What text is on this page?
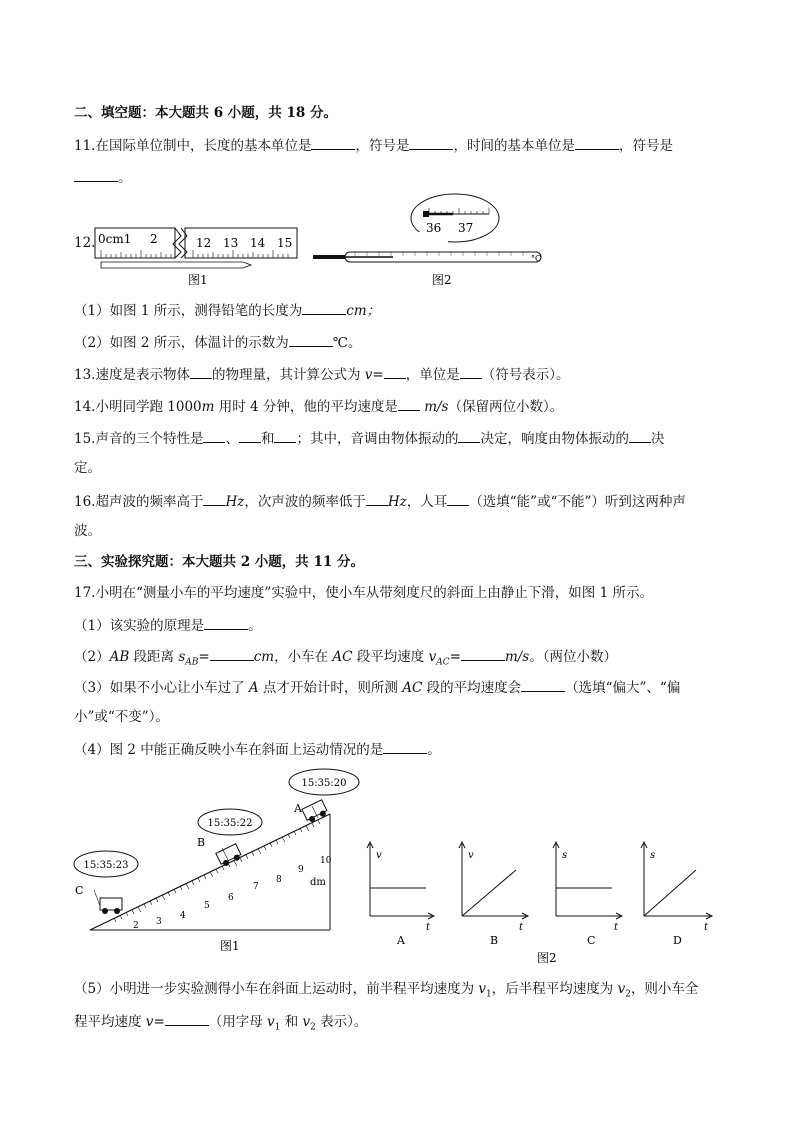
二、填空题：本大题共 6 小题，共 18 分。
11.在国际单位制中，长度的基本单位是	，符号是	，时间的基本单位是	，符号是
。
12. 0cm1 2	12 13 14 15
图1
36 37
°C
图2
（1）如图 1 所示，测得铅笔的长度为	cm；
（2）如图 2 所示，体温计的示数为	℃。
13.速度是表示物体 的物理量，其计算公式为 v= ，单位是 （符号表示）。
14.小明同学跑 1000m 用时 4 分钟，他的平均速度是 m/s（保留两位小数）。
15.声音的三个特性是 、 和 ；其中，音调由物体振动的 决定，响度由物体振动的 决
定。
16.超声波的频率高于 Hz，次声波的频率低于 Hz，人耳 （选填“能”或“不能”）听到这两种声
波。
三、实验探究题：本大题共 2 小题，共 11 分。
17.小明在“测量小车的平均速度”实验中，使小车从带刻度尺的斜面上由静止下滑，如图 1 所示。
（1）该实验的原理是	。
（2）AB 段距离 $s_{AB}=$	cm，小车在 AC 段平均速度 $v_{AC}=$	m/s。（两位小数）
（3）如果不小心让小车过了 A 点才开始计时，则所测 AC 段的平均速度会	（选填“偏大”、“偏
小”或“不变”）。
（4）图 2 中能正确反映小车在斜面上运动情况的是	。
2 3
4
5
6
7
8
9
10
dm
15:35:20
15:35:22
15:35:23
A
B
C
图1
v
t
A
v
t
B
s
t
C
s
t
D
图2
（5）小明进一步实验测得小车在斜面上运动时，前半程平均速度为 $v_1$，后半程平均速度为 $v_2$，则小车全
程平均速度 v=	（用字母 $v_1$ 和 $v_2$ 表示）。
